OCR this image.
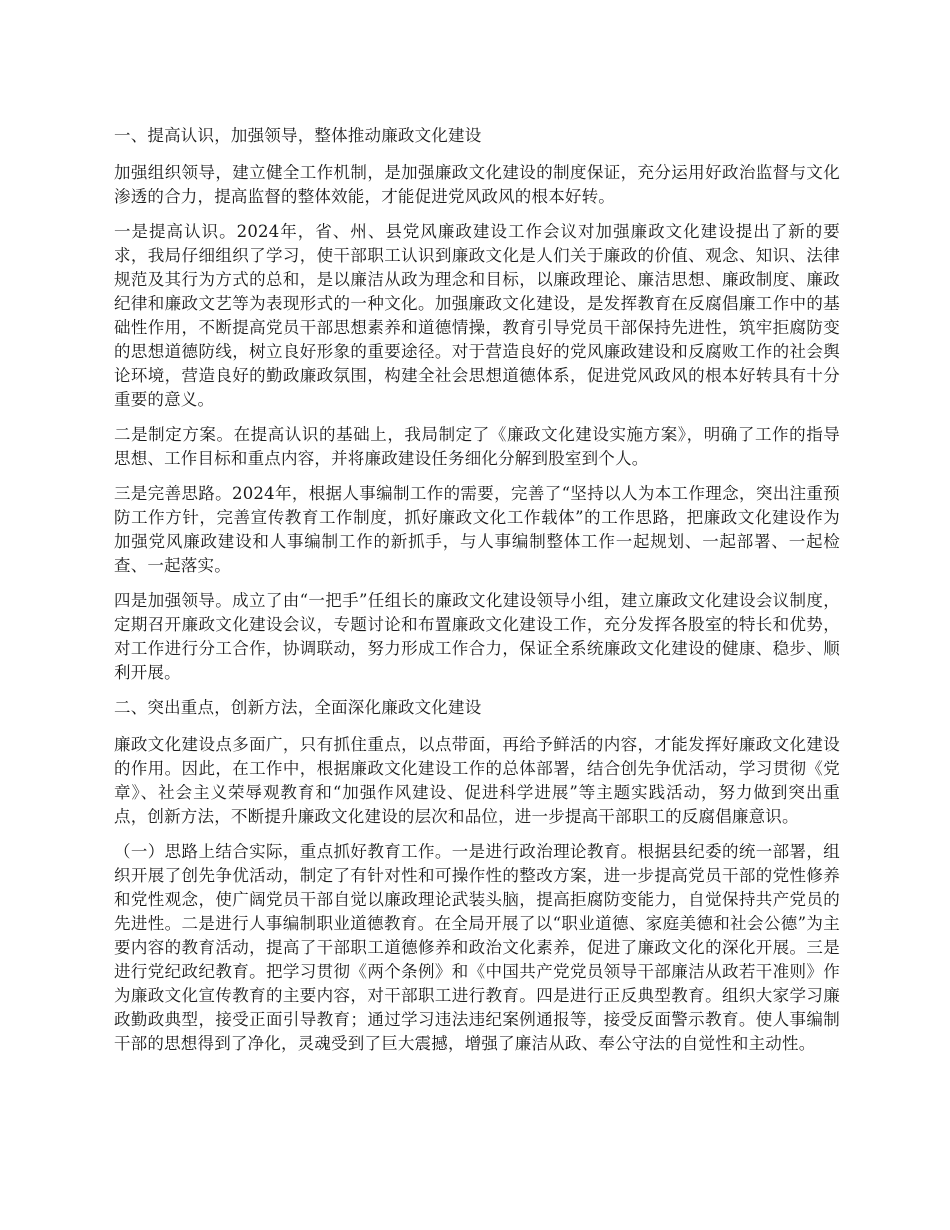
一、提高认识，加强领导，整体推动廉政文化建设

加强组织领导，建立健全工作机制，是加强廉政文化建设的制度保证，充分运用好政治监督与文化渗透的合力，提高监督的整体效能，才能促进党风政风的根本好转。

一是提高认识。2024年，省、州、县党风廉政建设工作会议对加强廉政文化建设提出了新的要求，我局仔细组织了学习，使干部职工认识到廉政文化是人们关于廉政的价值、观念、知识、法律规范及其行为方式的总和，是以廉洁从政为理念和目标，以廉政理论、廉洁思想、廉政制度、廉政纪律和廉政文艺等为表现形式的一种文化。加强廉政文化建设，是发挥教育在反腐倡廉工作中的基础性作用，不断提高党员干部思想素养和道德情操，教育引导党员干部保持先进性，筑牢拒腐防变的思想道德防线，树立良好形象的重要途径。对于营造良好的党风廉政建设和反腐败工作的社会舆论环境，营造良好的勤政廉政氛围，构建全社会思想道德体系，促进党风政风的根本好转具有十分重要的意义。

二是制定方案。在提高认识的基础上，我局制定了《廉政文化建设实施方案》，明确了工作的指导思想、工作目标和重点内容，并将廉政建设任务细化分解到股室到个人。

三是完善思路。2024年，根据人事编制工作的需要，完善了“坚持以人为本工作理念，突出注重预防工作方针，完善宣传教育工作制度，抓好廉政文化工作载体”的工作思路，把廉政文化建设作为加强党风廉政建设和人事编制工作的新抓手，与人事编制整体工作一起规划、一起部署、一起检查、一起落实。

四是加强领导。成立了由“一把手”任组长的廉政文化建设领导小组，建立廉政文化建设会议制度，定期召开廉政文化建设会议，专题讨论和布置廉政文化建设工作，充分发挥各股室的特长和优势，对工作进行分工合作，协调联动，努力形成工作合力，保证全系统廉政文化建设的健康、稳步、顺利开展。

二、突出重点，创新方法，全面深化廉政文化建设

廉政文化建设点多面广，只有抓住重点，以点带面，再给予鲜活的内容，才能发挥好廉政文化建设的作用。因此，在工作中，根据廉政文化建设工作的总体部署，结合创先争优活动，学习贯彻《党章》、社会主义荣辱观教育和“加强作风建设、促进科学进展”等主题实践活动，努力做到突出重点，创新方法，不断提升廉政文化建设的层次和品位，进一步提高干部职工的反腐倡廉意识。

（一）思路上结合实际，重点抓好教育工作。一是进行政治理论教育。根据县纪委的统一部署，组织开展了创先争优活动，制定了有针对性和可操作性的整改方案，进一步提高党员干部的党性修养和党性观念，使广阔党员干部自觉以廉政理论武装头脑，提高拒腐防变能力，自觉保持共产党员的先进性。二是进行人事编制职业道德教育。在全局开展了以“职业道德、家庭美德和社会公德”为主要内容的教育活动，提高了干部职工道德修养和政治文化素养，促进了廉政文化的深化开展。三是进行党纪政纪教育。把学习贯彻《两个条例》和《中国共产党党员领导干部廉洁从政若干准则》作为廉政文化宣传教育的主要内容，对干部职工进行教育。四是进行正反典型教育。组织大家学习廉政勤政典型，接受正面引导教育；通过学习违法违纪案例通报等，接受反面警示教育。使人事编制干部的思想得到了净化，灵魂受到了巨大震撼，增强了廉洁从政、奉公守法的自觉性和主动性。
